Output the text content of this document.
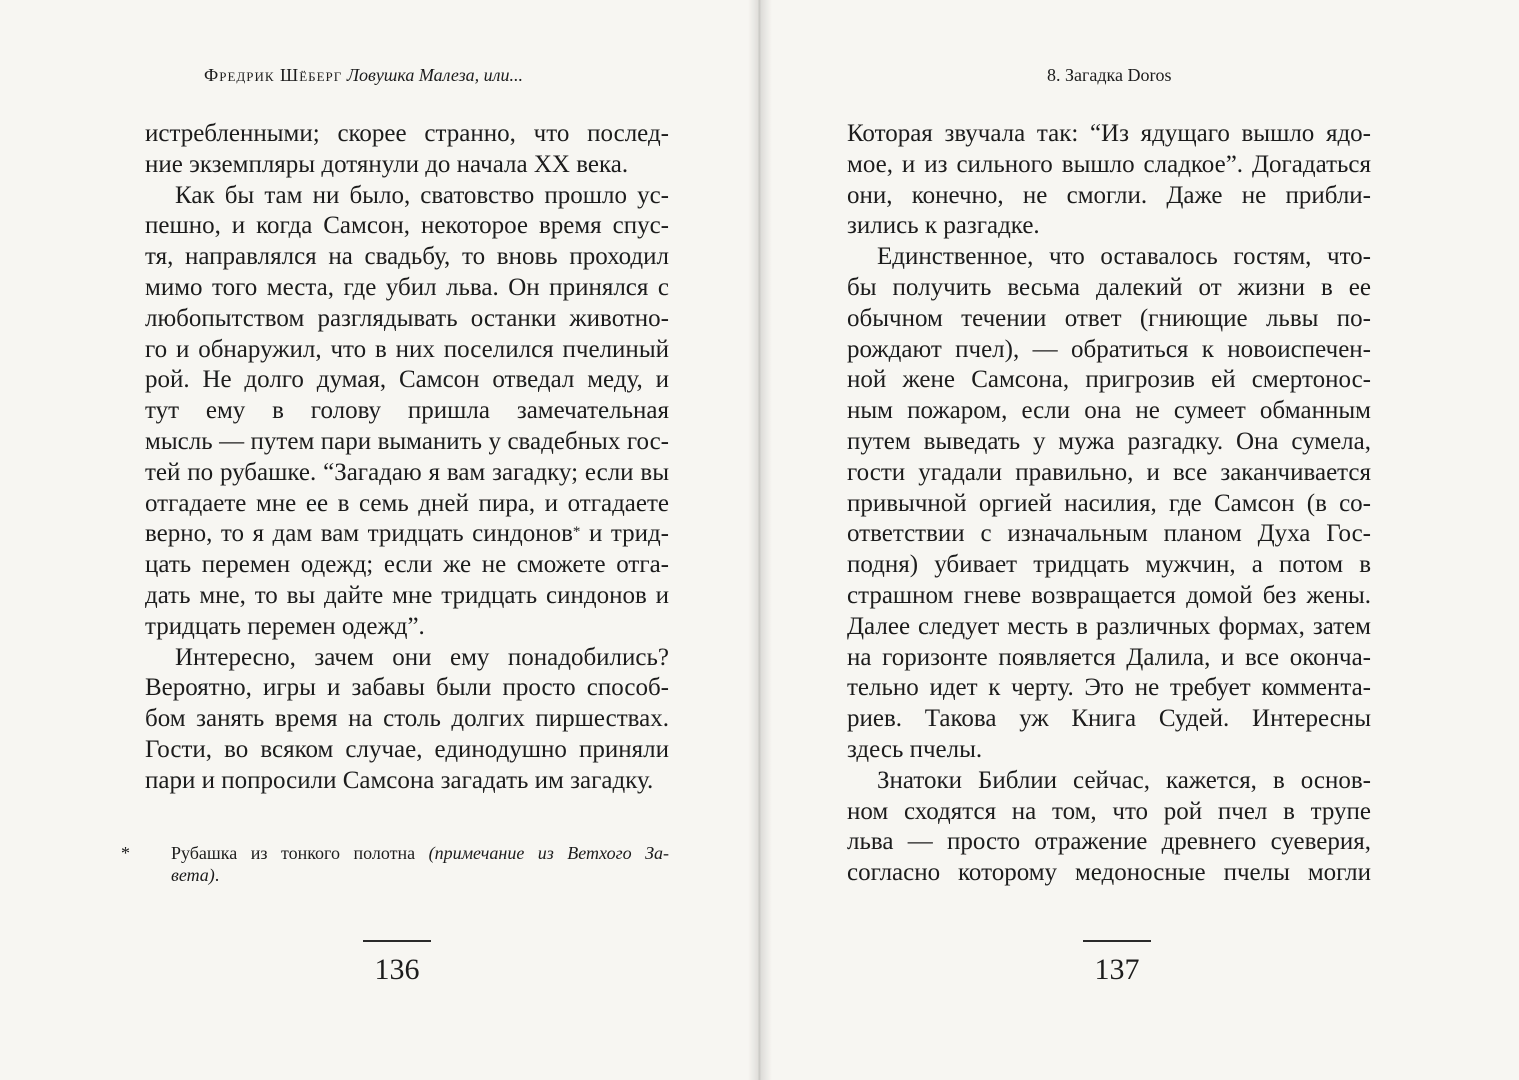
Фредрик Шёберг Ловушка Малеза, или...
истребленными; скорее странно, что послед-
ние экземпляры дотянули до начала XX века.
Как бы там ни было, сватовство прошло ус-
пешно, и когда Самсон, некоторое время спус-
тя, направлялся на свадьбу, то вновь проходил
мимо того места, где убил льва. Он принялся с
любопытством разглядывать останки животно-
го и обнаружил, что в них поселился пчелиный
рой. Не долго думая, Самсон отведал меду, и
тут ему в голову пришла замечательная
мысль — путем пари выманить у свадебных гос-
тей по рубашке. “Загадаю я вам загадку; если вы
отгадаете мне ее в семь дней пира, и отгадаете
верно, то я дам вам тридцать синдонов* и трид-
цать перемен одежд; если же не сможете отга-
дать мне, то вы дайте мне тридцать синдонов и
тридцать перемен одежд”.
Интересно, зачем они ему понадобились?
Вероятно, игры и забавы были просто способ-
бом занять время на столь долгих пиршествах.
Гости, во всяком случае, единодушно приняли
пари и попросили Самсона загадать им загадку.
* Рубашка из тонкого полотна (примечание из Ветхого За-
вета).
136
8. Загадка Doros
Которая звучала так: “Из ядущаго вышло ядо-
мое, и из сильного вышло сладкое”. Догадаться
они, конечно, не смогли. Даже не прибли-
зились к разгадке.
Единственное, что оставалось гостям, что-
бы получить весьма далекий от жизни в ее
обычном течении ответ (гниющие львы по-
рождают пчел), — обратиться к новоиспечен-
ной жене Самсона, пригрозив ей смертонос-
ным пожаром, если она не сумеет обманным
путем выведать у мужа разгадку. Она сумела,
гости угадали правильно, и все заканчивается
привычной оргией насилия, где Самсон (в со-
ответствии с изначальным планом Духа Гос-
подня) убивает тридцать мужчин, а потом в
страшном гневе возвращается домой без жены.
Далее следует месть в различных формах, затем
на горизонте появляется Далила, и все оконча-
тельно идет к черту. Это не требует коммента-
риев. Такова уж Книга Судей. Интересны
здесь пчелы.
Знатоки Библии сейчас, кажется, в основ-
ном сходятся на том, что рой пчел в трупе
льва — просто отражение древнего суеверия,
согласно которому медоносные пчелы могли
137
